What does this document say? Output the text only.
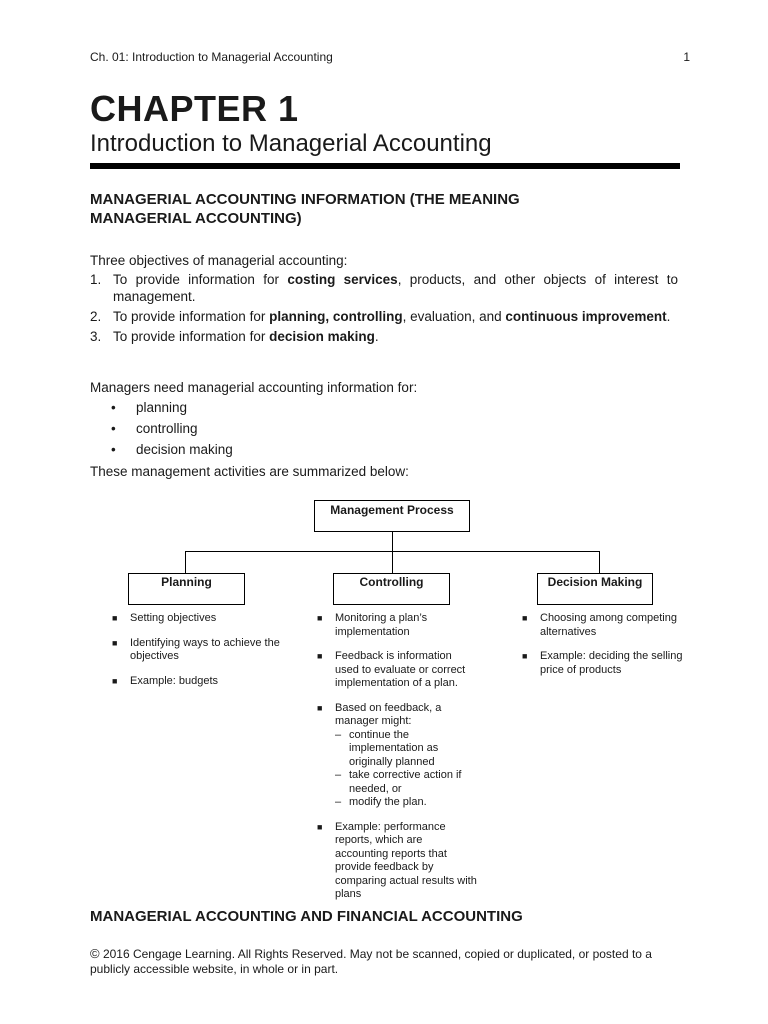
Ch. 01: Introduction to Managerial Accounting	1
CHAPTER 1
Introduction to Managerial Accounting
MANAGERIAL ACCOUNTING INFORMATION (THE MEANING
MANAGERIAL ACCOUNTING)
Three objectives of managerial accounting:
1. To provide information for costing services, products, and other objects of interest to management.
2. To provide information for planning, controlling, evaluation, and continuous improvement.
3. To provide information for decision making.
Managers need managerial accounting information for:
• planning
• controlling
• decision making
These management activities are summarized below:
Management Process
Planning	Controlling	Decision Making
■ Setting objectives
■ Identifying ways to achieve the objectives
■ Example: budgets
■ Monitoring a plan’s implementation
■ Feedback is information used to evaluate or correct implementation of a plan.
■ Based on feedback, a manager might:
– continue the implementation as originally planned
– take corrective action if needed, or
– modify the plan.
■ Example: performance reports, which are accounting reports that provide feedback by comparing actual results with plans
■ Choosing among competing alternatives
■ Example: deciding the selling price of products
MANAGERIAL ACCOUNTING AND FINANCIAL ACCOUNTING
© 2016 Cengage Learning. All Rights Reserved. May not be scanned, copied or duplicated, or posted to a publicly accessible website, in whole or in part.
